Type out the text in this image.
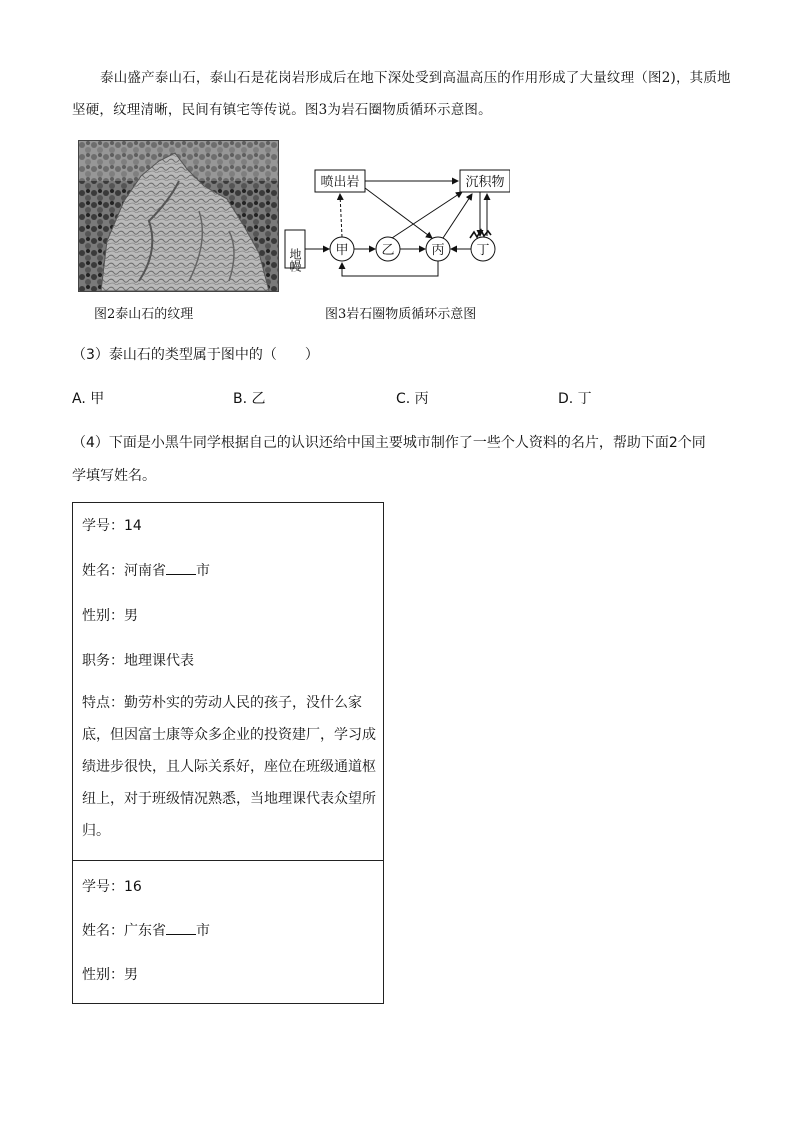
泰山盛产泰山石，泰山石是花岗岩形成后在地下深处受到高温高压的作用形成了大量纹理（图2)，其质地坚硬，纹理清晰，民间有镇宅等传说。图3为岩石圈物质循环示意图。

图2泰山石的纹理
喷出岩	沉积物
甲	乙	丙 丁
地幔
图3岩石圈物质循环示意图
（3）泰山石的类型属于图中的（　　）
A. 甲	B. 乙	C. 丙	D. 丁

（4）下面是小黑牛同学根据自己的认识还给中国主要城市制作了一些个人资料的名片，帮助下面2个同

学填写姓名。

学号：14
姓名：河南省 市
性别：男
职务：地理课代表
特点：勤劳朴实的劳动人民的孩子，没什么家
底，但因富士康等众多企业的投资建厂，学习成
绩进步很快，且人际关系好，座位在班级通道枢
纽上，对于班级情况熟悉，当地理课代表众望所
归。
学号：16
姓名：广东省 市
性别：男
